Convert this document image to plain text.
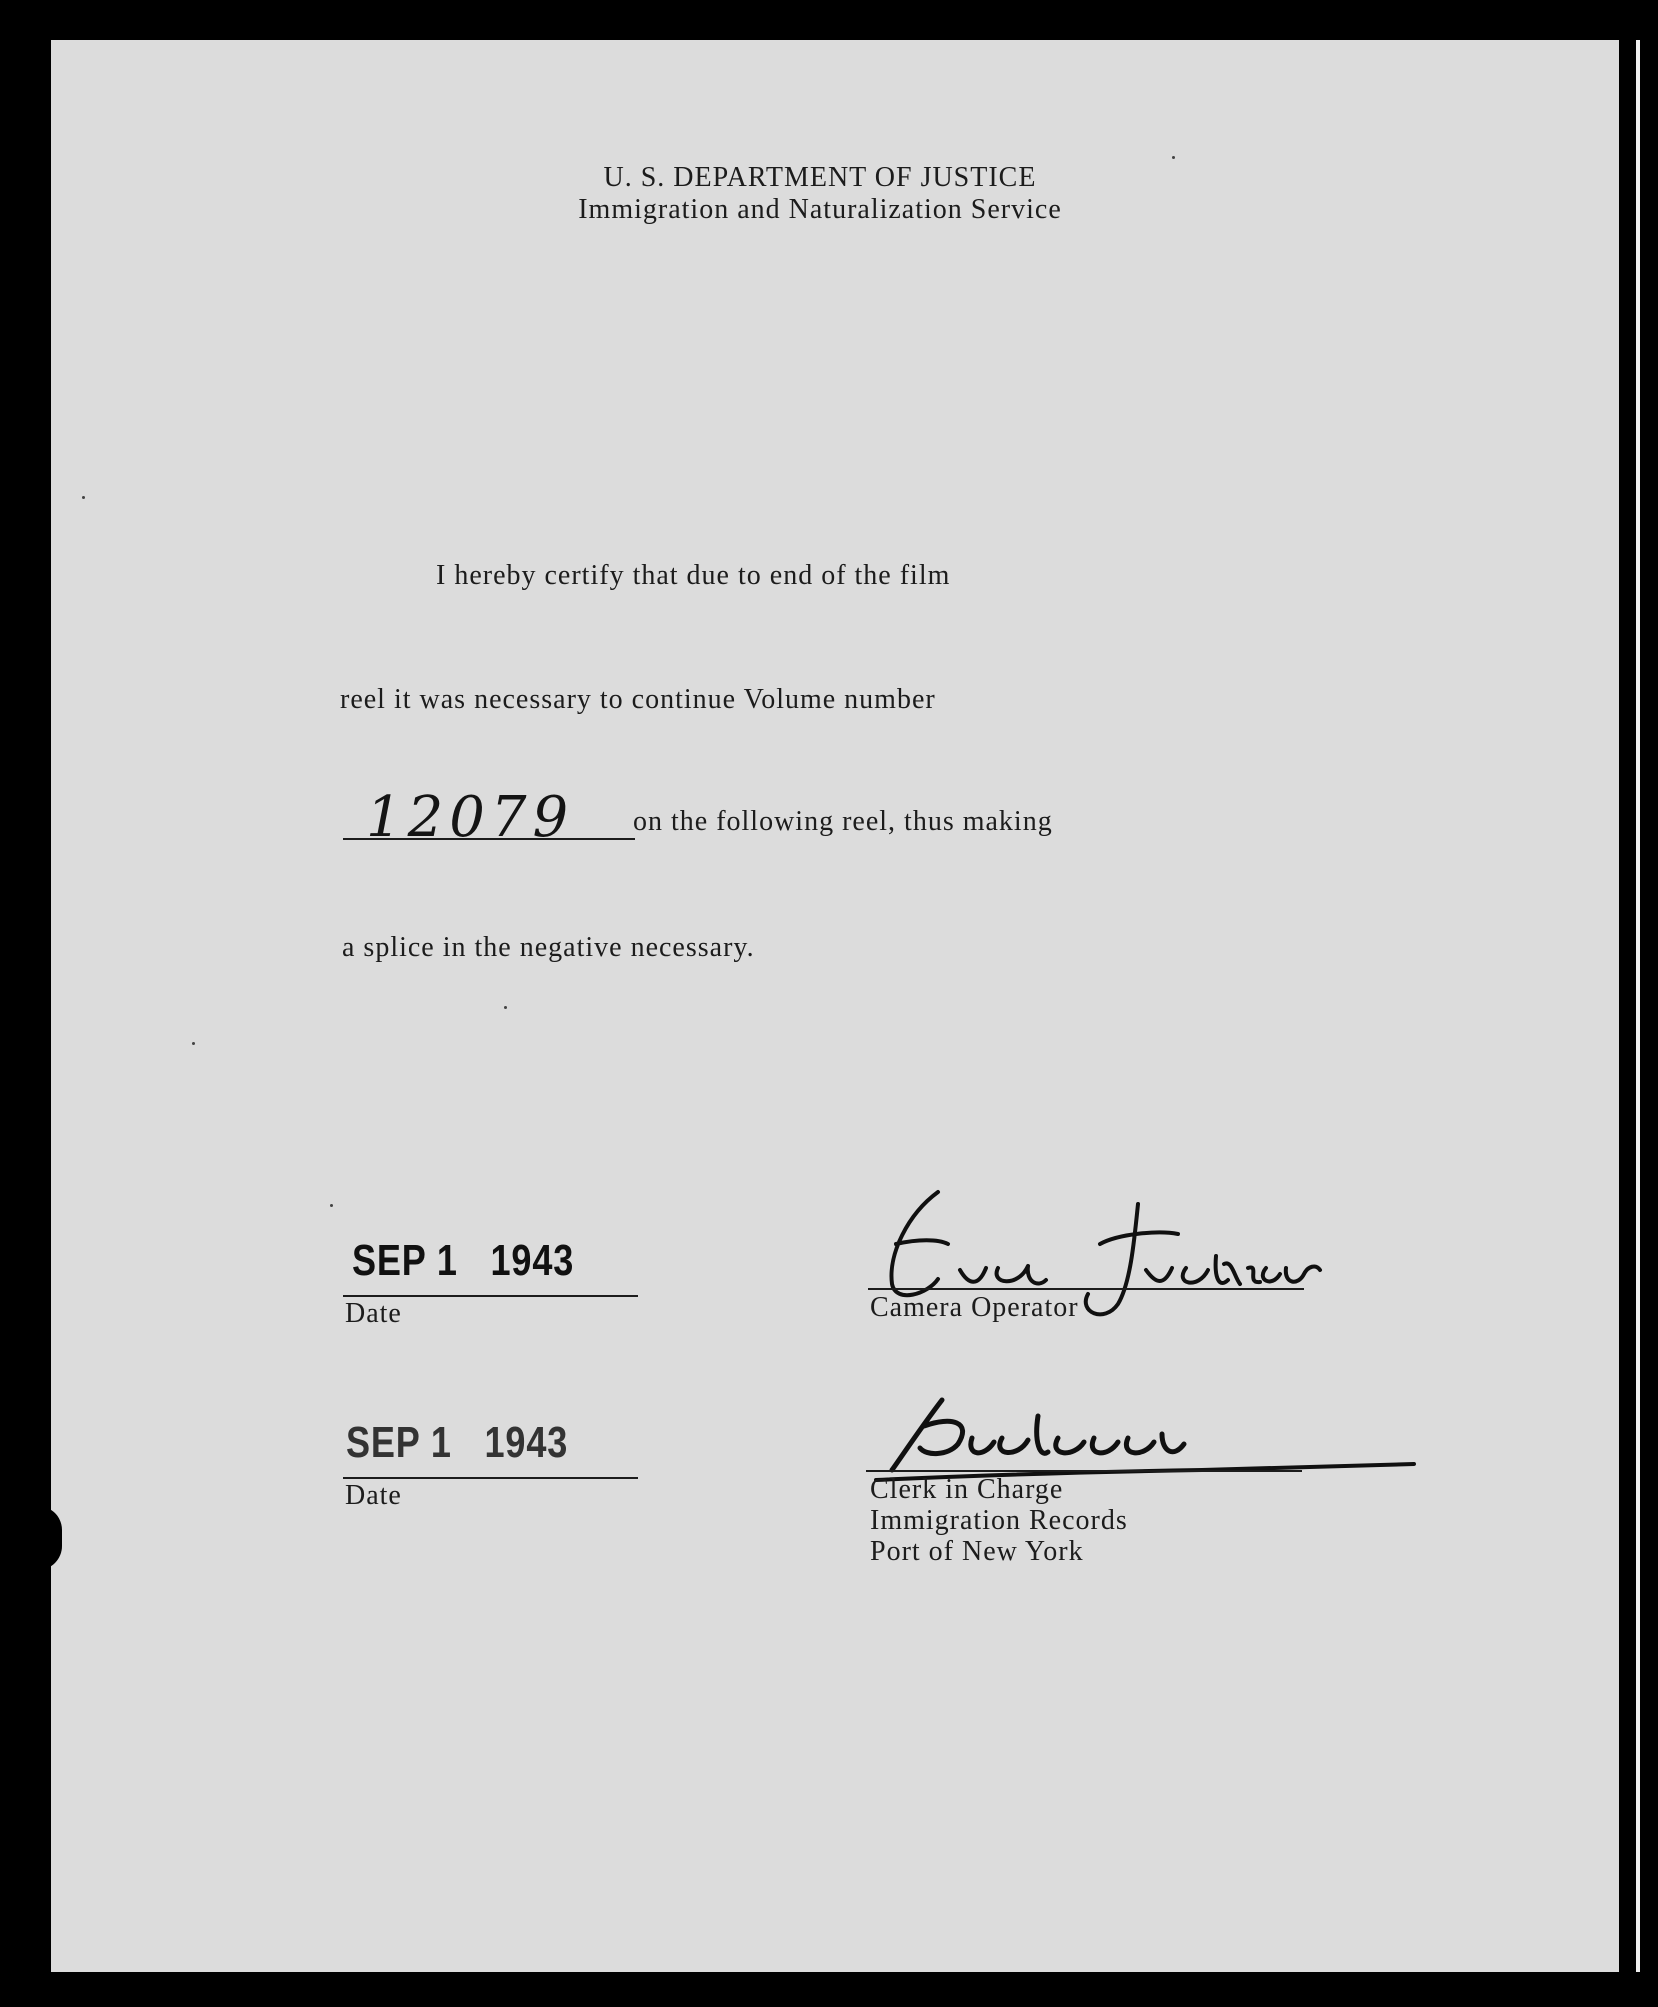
U. S. DEPARTMENT OF JUSTICE
Immigration and Naturalization Service
I hereby certify that due to end of the film
reel it was necessary to continue Volume number
12079 on the following reel, thus making
a splice in the negative necessary.
SEP 1 1943
Date	Camera Operator
SEP 1 1943
Date	Clerk in Charge
Immigration Records
Port of New York
